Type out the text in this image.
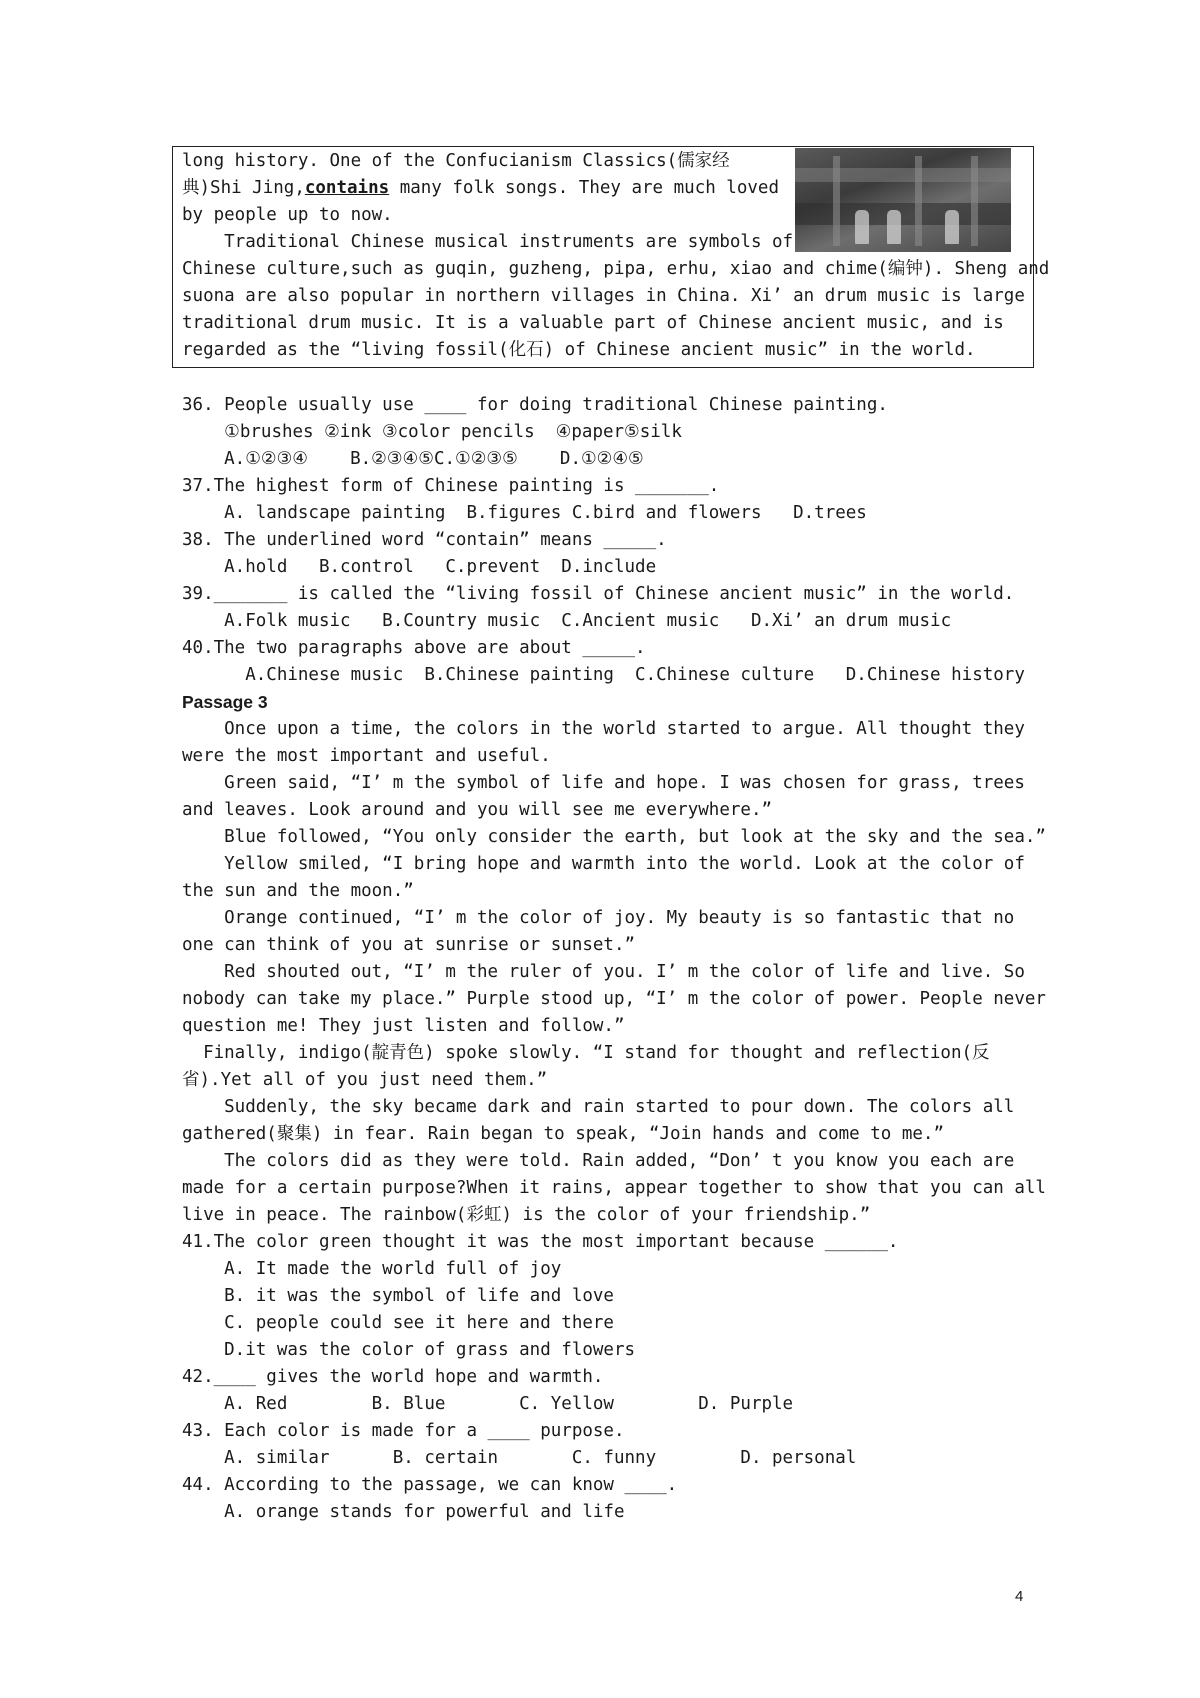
long history. One of the Confucianism Classics(儒家经
典)Shi Jing,contains many folk songs. They are much loved
by people up to now.
Traditional Chinese musical instruments are symbols of
Chinese culture,such as guqin, guzheng, pipa, erhu, xiao and chime(编钟). Sheng and
suona are also popular in northern villages in China. Xi’ an drum music is large
traditional drum music. It is a valuable part of Chinese ancient music, and is
regarded as the “living fossil(化石) of Chinese ancient music” in the world.
36. People usually use ____ for doing traditional Chinese painting.
①brushes ②ink ③color pencils  ④paper⑤silk
A.①②③④    B.②③④⑤C.①②③⑤    D.①②④⑤
37.The highest form of Chinese painting is _______.
A. landscape painting  B.figures C.bird and flowers   D.trees
38. The underlined word “contain” means _____.
A.hold   B.control   C.prevent  D.include
39._______ is called the “living fossil of Chinese ancient music” in the world.
A.Folk music   B.Country music  C.Ancient music   D.Xi’ an drum music
40.The two paragraphs above are about _____.
A.Chinese music  B.Chinese painting  C.Chinese culture   D.Chinese history
Passage 3
Once upon a time, the colors in the world started to argue. All thought they
were the most important and useful.
Green said, “I’ m the symbol of life and hope. I was chosen for grass, trees
and leaves. Look around and you will see me everywhere.”
Blue followed, “You only consider the earth, but look at the sky and the sea.”
Yellow smiled, “I bring hope and warmth into the world. Look at the color of
the sun and the moon.”
Orange continued, “I’ m the color of joy. My beauty is so fantastic that no
one can think of you at sunrise or sunset.”
Red shouted out, “I’ m the ruler of you. I’ m the color of life and live. So
nobody can take my place.” Purple stood up, “I’ m the color of power. People never
question me! They just listen and follow.”
Finally, indigo(靛青色) spoke slowly. “I stand for thought and reflection(反
省).Yet all of you just need them.”
Suddenly, the sky became dark and rain started to pour down. The colors all
gathered(聚集) in fear. Rain began to speak, “Join hands and come to me.”
The colors did as they were told. Rain added, “Don’ t you know you each are
made for a certain purpose?When it rains, appear together to show that you can all
live in peace. The rainbow(彩虹) is the color of your friendship.”
41.The color green thought it was the most important because ______.
A. It made the world full of joy
B. it was the symbol of life and love
C. people could see it here and there
D.it was the color of grass and flowers
42.____ gives the world hope and warmth.
A. Red        B. Blue       C. Yellow        D. Purple
43. Each color is made for a ____ purpose.
A. similar      B. certain       C. funny        D. personal
44. According to the passage, we can know ____.
A. orange stands for powerful and life
4
